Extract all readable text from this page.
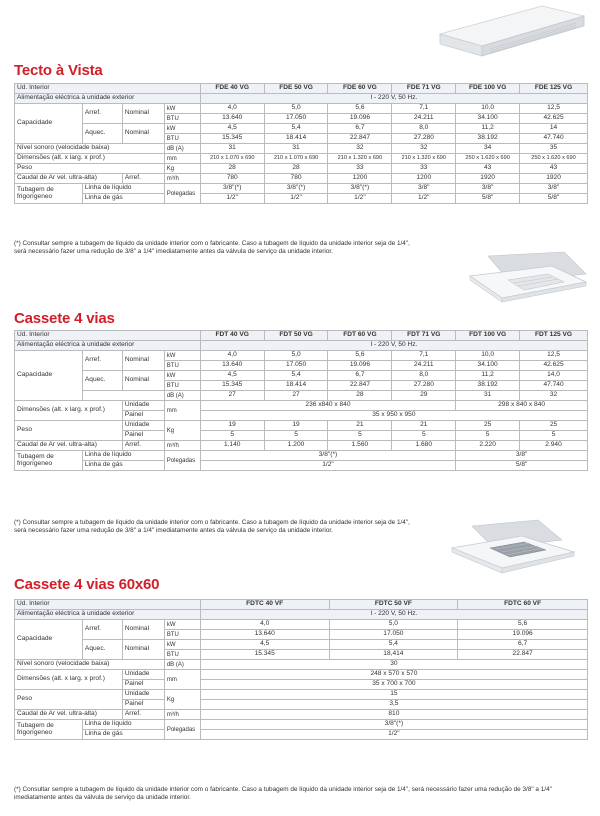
Tecto à Vista
Ud. Interior				FDE 40 VG	FDE 50 VG	FDE 60 VG	FDE 71 VG	FDE 100 VG	FDE 125 VG
Alimentação eléctrica à unidade exterior				I - 220 V, 50 Hz.					
Capacidade	Arref.	Nominal	kW	4,0	5,0	5,6	7,1	10,0	12,5
			BTU	13.640	17.050	19.096	24.211	34.100	42.625
	Aquec.	Nominal	kW	4,5	5,4	6,7	8,0	11,2	14
			BTU	15.345	18.414	22.847	27.280	38.192	47.740
Nível sonoro (velocidade baixa)			dB (A)	31	31	32	32	34	35
Dimensões (alt. x larg. x prof.)			mm	210 x 1.070 x 690	210 x 1.070 x 690	210 x 1.320 x 690	210 x 1.320 x 690	250 x 1.620 x 690	250 x 1.620 x 690
Peso			Kg	28	28	33	33	43	43
Caudal de Ar vel. ultra-alta)		Arref.	m³/h	780	780	1200	1200	1920	1920
Tubagem de frigorígeneo	Linha de líquido		Polegadas	3/8"(*)	3/8"(*)	3/8"(*)	3/8"	3/8"	3/8"
	Linha de gás			1/2"	1/2"	1/2"	1/2"	5/8"	5/8"
(*) Consultar sempre a tubagem de líquido da unidade interior com o fabricante. Caso a tubagem de líquido da unidade interior seja de 1/4", será necessário fazer uma redução de 3/8" a 1/4" imediatamente antes da válvula de serviço da unidade interior.
Cassete 4 vias
Ud. Interior				FDT 40 VG	FDT 50 VG	FDT 60 VG	FDT 71 VG	FDT 100 VG	FDT 125 VG
Alimentação eléctrica à unidade exterior				I - 220 V, 50 Hz.					
Capacidade	Arref.	Nominal	kW	4,0	5,0	5,6	7,1	10,0	12,5
			BTU	13.640	17.050	19.096	24.211	34.100	42.625
	Aquec.	Nominal	kW	4,5	5,4	6,7	8,0	11,2	14,0
			BTU	15.345	18.414	22.847	27.280	38.192	47.740
			dB (A)	27	27	28	29	31	32
Dimensões (alt. x larg. x prof.)		Unidade	mm	236 x840 x 840				298 x 840 x 840	
		Painel		35 x 950 x 950					
Peso		Unidade	Kg	19	19	21	21	25	25
		Painel		5	5	5	5	5	5
Caudal de Ar vel. ultra-alta)		Arref.	m³/h	1.140	1.200	1.560	1.680	2.220	2.940
Tubagem de frigorígeneo	Linha de líquido		Polegadas	3/8"(*)				3/8"	
	Linha de gás			1/2"				5/8"	
(*) Consultar sempre a tubagem de líquido da unidade interior com o fabricante. Caso a tubagem de líquido da unidade interior seja de 1/4", será necessário fazer uma redução de 3/8" a 1/4" imediatamente antes da válvula de serviço da unidade interior.
Cassete 4 vias 60x60
Ud. Interior				FDTC 40 VF	FDTC 50 VF	FDTC 60 VF
Alimentação eléctrica à unidade exterior				I - 220 V, 50 Hz.		
Capacidade	Arref.	Nominal	kW	4,0	5,0	5,6
			BTU	13.640	17.050	19.096
	Aquec.	Nominal	kW	4,5	5,4	6,7
			BTU	15.345	18,414	22.847
Nível sonoro (velocidade baixa)			dB (A)	30		
Dimensões (alt. x larg. x prof.)		Unidade	mm	248 x 570 x 570		
		Painel		35 x 700 x 700		
Peso		Unidade	Kg	15		
		Painel		3,5		
Caudal de Ar vel. ultra-alta)		Arref.	m³/h	810		
Tubagem de frigorígeneo	Linha de líquido		Polegadas	3/8"(*)		
	Linha de gás			1/2"		
(*) Consultar sempre a tubagem de líquido da unidade interior com o fabricante. Caso a tubagem de líquido da unidade interior seja de 1/4", será necessário fazer uma redução de 3/8" a 1/4" imediatamente antes da válvula de serviço da unidade interior.
